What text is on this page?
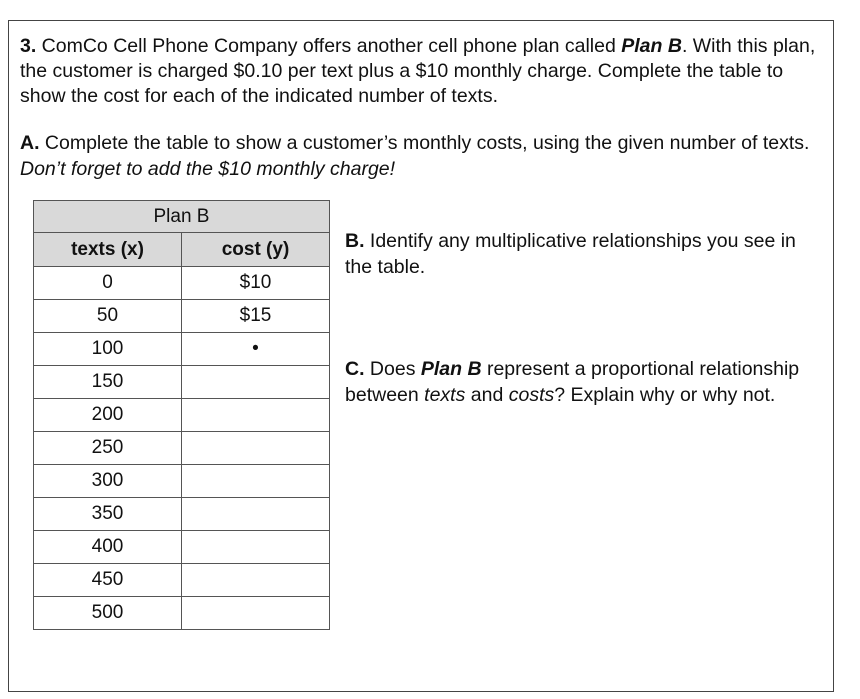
3. ComCo Cell Phone Company offers another cell phone plan called Plan B. With this plan, the customer is charged $0.10 per text plus a $10 monthly charge. Complete the table to show the cost for each of the indicated number of texts.
A. Complete the table to show a customer’s monthly costs, using the given number of texts. Don’t forget to add the $10 monthly charge!
Plan B	
texts (x)	cost (y)
0	$10
50	$15
100	•
150	
200	
250	
300	
350	
400	
450	
500	
B. Identify any multiplicative relationships you see in the table.
C. Does Plan B represent a proportional relationship between texts and costs? Explain why or why not.
